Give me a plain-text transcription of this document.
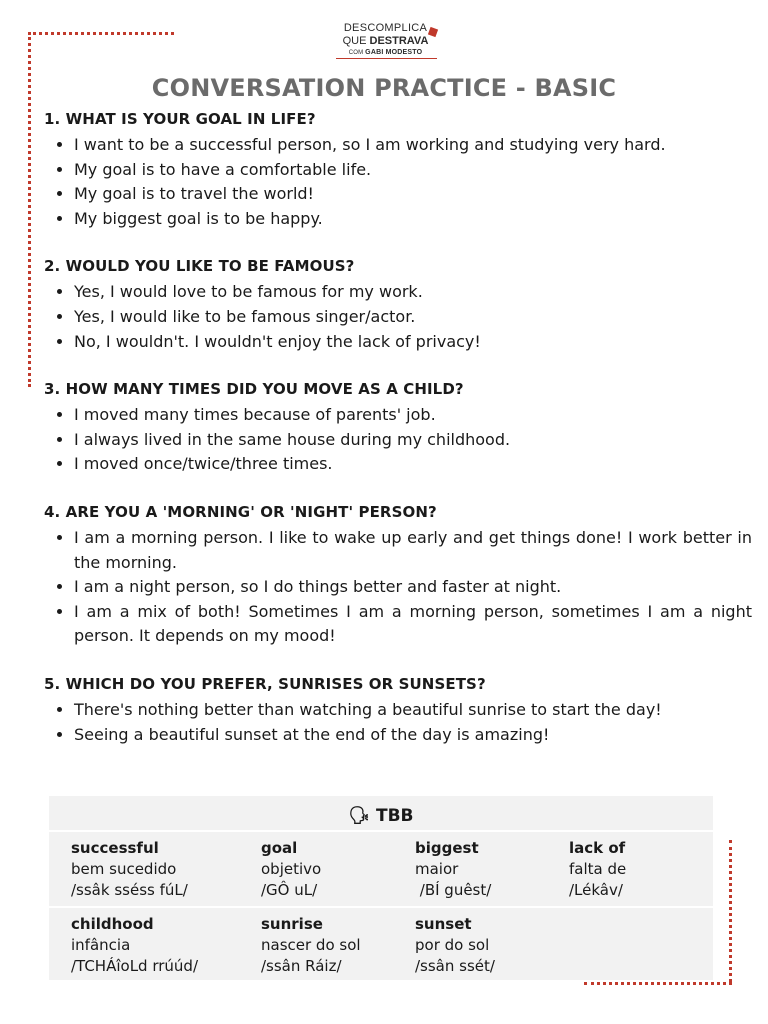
DESCOMPLICA
QUE DESTRAVA
COM GABI MODESTO
CONVERSATION PRACTICE - BASIC

1. WHAT IS YOUR GOAL IN LIFE?

• I want to be a successful person, so I am working and studying very hard.
• My goal is to have a comfortable life.
• My goal is to travel the world!
• My biggest goal is to be happy.

2. WOULD YOU LIKE TO BE FAMOUS?

• Yes, I would love to be famous for my work.
• Yes, I would like to be famous singer/actor.
• No, I wouldn't. I wouldn't enjoy the lack of privacy!

3. HOW MANY TIMES DID YOU MOVE AS A CHILD?

• I moved many times because of parents' job.
• I always lived in the same house during my childhood.
• I moved once/twice/three times.

4. ARE YOU A 'MORNING' OR 'NIGHT' PERSON?

• I am a morning person. I like to wake up early and get things done! I work better in the morning.
• I am a night person, so I do things better and faster at night.
• I am a mix of both! Sometimes I am a morning person, sometimes I am a night person. It depends on my mood!

5. WHICH DO YOU PREFER, SUNRISES OR SUNSETS?

• There's nothing better than watching a beautiful sunrise to start the day!
• Seeing a beautiful sunset at the end of the day is amazing!
🗣 TBB
successful
bem sucedido
/ssâk sséss fúL/
goal
objetivo
/GÔ uL/
biggest
maior
/BÍ guêst/
lack of
falta de
/Lékâv/
childhood
infância
/TCHÁîoLd rrúúd/
sunrise
nascer do sol
/ssân Ráiz/
sunset
por do sol
/ssân ssét/
